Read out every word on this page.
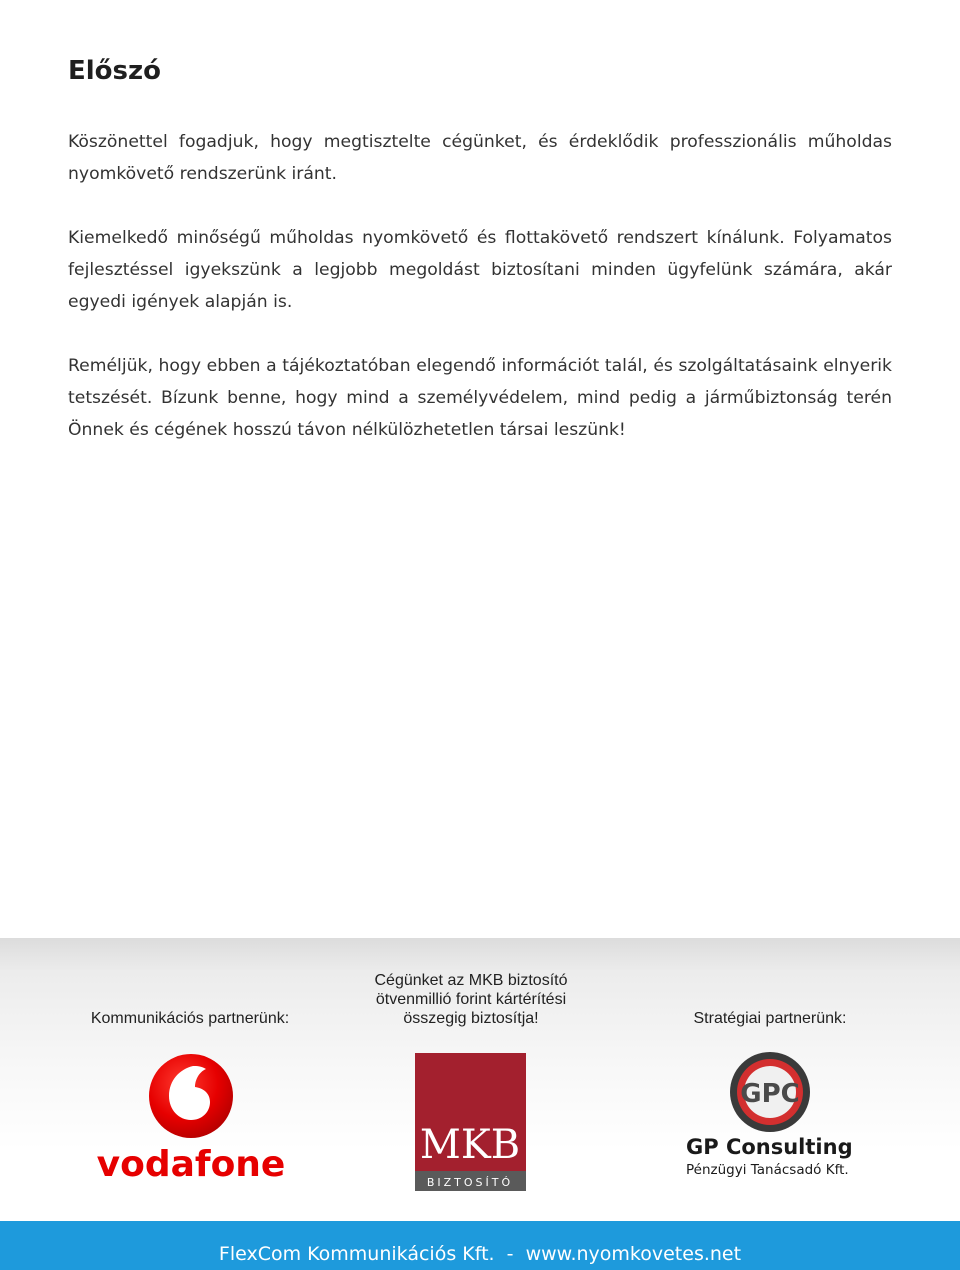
Előszó

Köszönettel fogadjuk, hogy megtisztelte cégünket, és érdeklődik professzionális műholdas nyomkövető rendszerünk iránt.

Kiemelkedő minőségű műholdas nyomkövető és flottakövető rendszert kínálunk. Folyamatos fejlesztéssel igyekszünk a legjobb megoldást biztosítani minden ügyfelünk számára, akár egyedi igények alapján is.

Reméljük, hogy ebben a tájékoztatóban elegendő információt talál, és szolgáltatásaink elnyerik tetszését. Bízunk benne, hogy mind a személyvédelem, mind pedig a járműbiztonság terén Önnek és cégének hosszú távon nélkülözhetetlen társai leszünk!

Kommunikációs partnerünk:
Cégünket az MKB biztosító ötvenmillió forint kártérítési összegig biztosítja!	Stratégiai partnerünk:
vodafone	MKB
BIZTOSÍTÓ
GPC
GP Consulting
Pénzügyi Tanácsadó Kft.
FlexCom Kommunikációs Kft.  -  www.nyomkovetes.net
